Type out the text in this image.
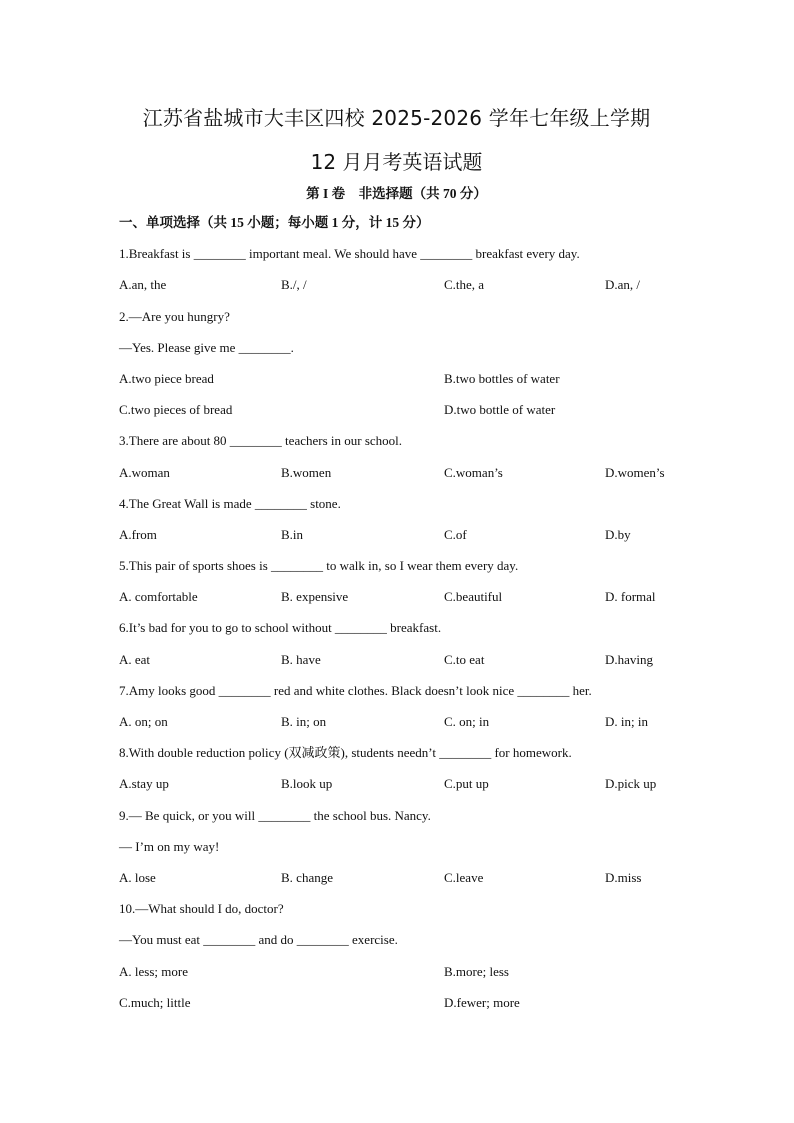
江苏省盐城市大丰区四校 2025-2026 学年七年级上学期
12 月月考英语试题
第 I 卷　非选择题（共 70 分）
一、单项选择（共 15 小题；每小题 1 分，计 15 分）
1.Breakfast is ________ important meal. We should have ________ breakfast every day.
A.an, the	B./, /	C.the, a	D.an, /
2.—Are you hungry?
—Yes. Please give me ________.
A.two piece bread	B.two bottles of water
C.two pieces of bread	D.two bottle of water
3.There are about 80 ________ teachers in our school.
A.woman	B.women	C.woman’s	D.women’s
4.The Great Wall is made ________ stone.
A.from	B.in	C.of	D.by
5.This pair of sports shoes is ________ to walk in, so I wear them every day.
A. comfortable	B. expensive	C.beautiful	D. formal
6.It’s bad for you to go to school without ________ breakfast.
A. eat	B. have	C.to eat	D.having
7.Amy looks good ________ red and white clothes. Black doesn’t look nice ________ her.
A. on; on	B. in; on	C. on; in	D. in; in
8.With double reduction policy (双减政策), students needn’t ________ for homework.
A.stay up	B.look up	C.put up	D.pick up
9.— Be quick, or you will ________ the school bus. Nancy.
— I’m on my way!
A. lose	B. change	C.leave	D.miss
10.—What should I do, doctor?
—You must eat ________ and do ________ exercise.
A. less; more	B.more; less
C.much; little	D.fewer; more
